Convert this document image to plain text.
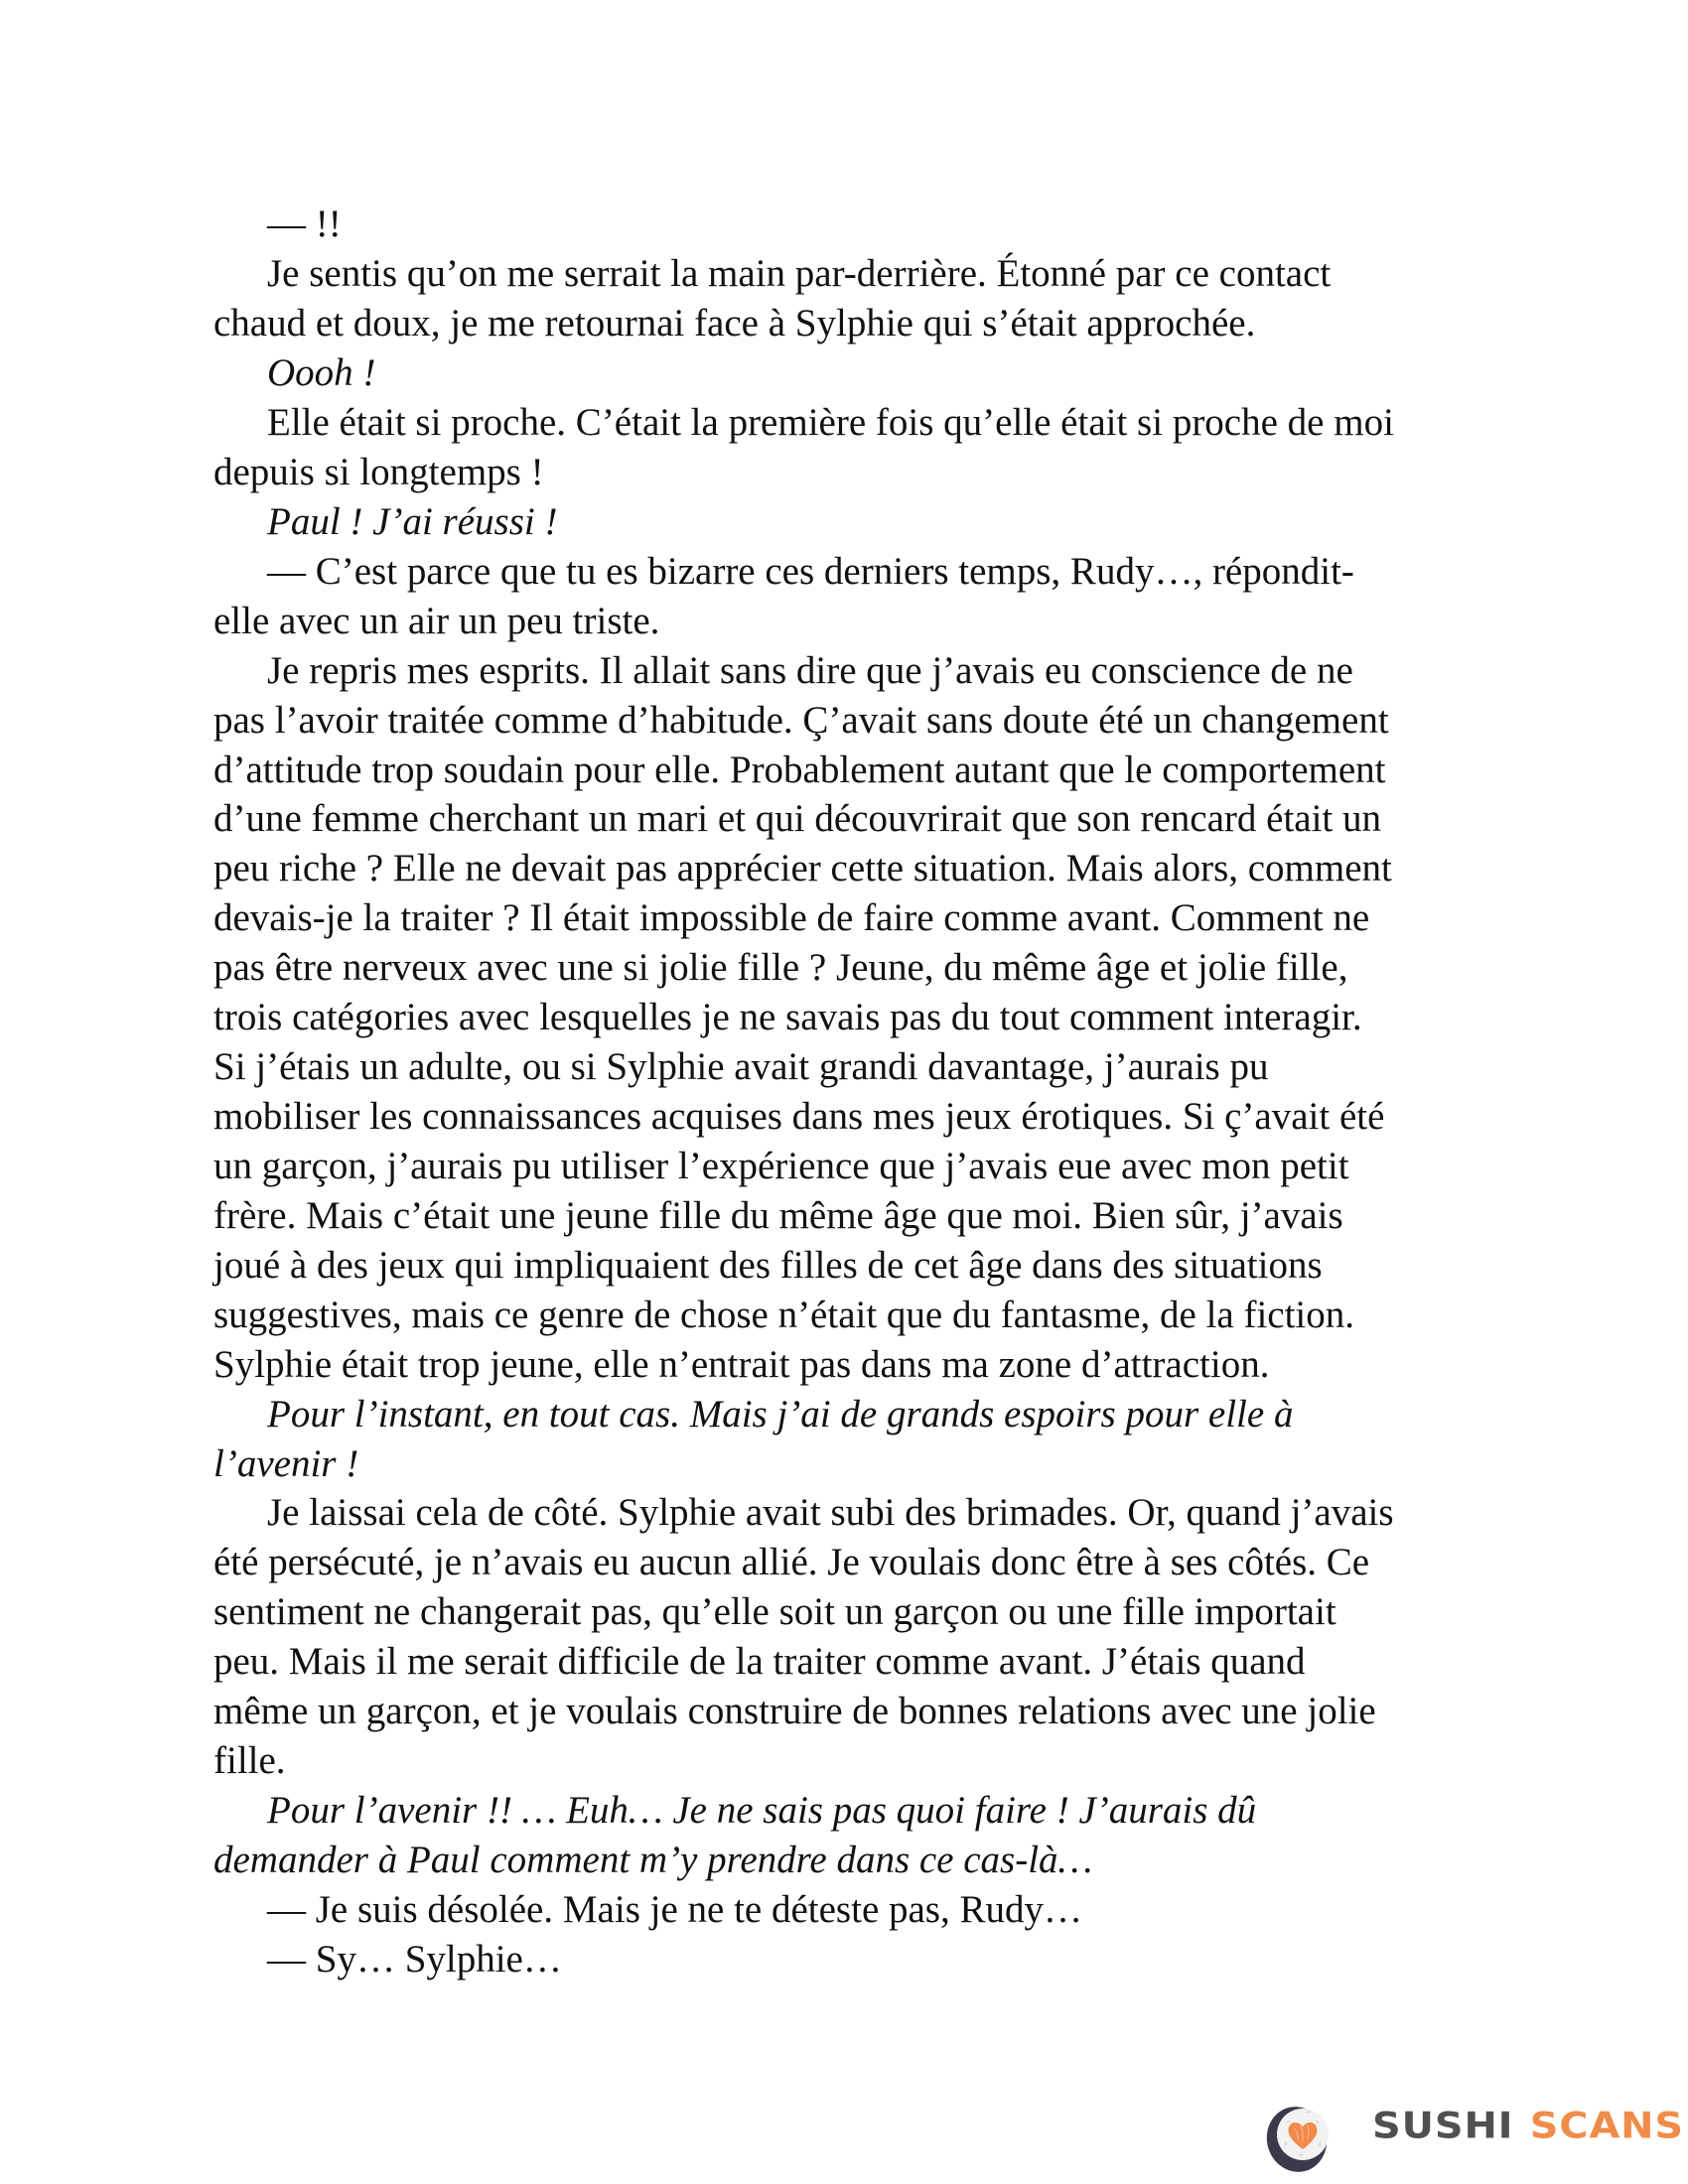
— !!
Je sentis qu’on me serrait la main par-derrière. Étonné par ce contact
chaud et doux, je me retournai face à Sylphie qui s’était approchée.
Oooh !
Elle était si proche. C’était la première fois qu’elle était si proche de moi
depuis si longtemps !
Paul ! J’ai réussi !
— C’est parce que tu es bizarre ces derniers temps, Rudy…, répondit-
elle avec un air un peu triste.
Je repris mes esprits. Il allait sans dire que j’avais eu conscience de ne
pas l’avoir traitée comme d’habitude. Ç’avait sans doute été un changement
d’attitude trop soudain pour elle. Probablement autant que le comportement
d’une femme cherchant un mari et qui découvrirait que son rencard était un
peu riche ? Elle ne devait pas apprécier cette situation. Mais alors, comment
devais-je la traiter ? Il était impossible de faire comme avant. Comment ne
pas être nerveux avec une si jolie fille ? Jeune, du même âge et jolie fille,
trois catégories avec lesquelles je ne savais pas du tout comment interagir.
Si j’étais un adulte, ou si Sylphie avait grandi davantage, j’aurais pu
mobiliser les connaissances acquises dans mes jeux érotiques. Si ç’avait été
un garçon, j’aurais pu utiliser l’expérience que j’avais eue avec mon petit
frère. Mais c’était une jeune fille du même âge que moi. Bien sûr, j’avais
joué à des jeux qui impliquaient des filles de cet âge dans des situations
suggestives, mais ce genre de chose n’était que du fantasme, de la fiction.
Sylphie était trop jeune, elle n’entrait pas dans ma zone d’attraction.
Pour l’instant, en tout cas. Mais j’ai de grands espoirs pour elle à
l’avenir !
Je laissai cela de côté. Sylphie avait subi des brimades. Or, quand j’avais
été persécuté, je n’avais eu aucun allié. Je voulais donc être à ses côtés. Ce
sentiment ne changerait pas, qu’elle soit un garçon ou une fille importait
peu. Mais il me serait difficile de la traiter comme avant. J’étais quand
même un garçon, et je voulais construire de bonnes relations avec une jolie
fille.
Pour l’avenir !! … Euh… Je ne sais pas quoi faire ! J’aurais dû
demander à Paul comment m’y prendre dans ce cas-là…
— Je suis désolée. Mais je ne te déteste pas, Rudy…
— Sy… Sylphie…
SUSHI SCANS
